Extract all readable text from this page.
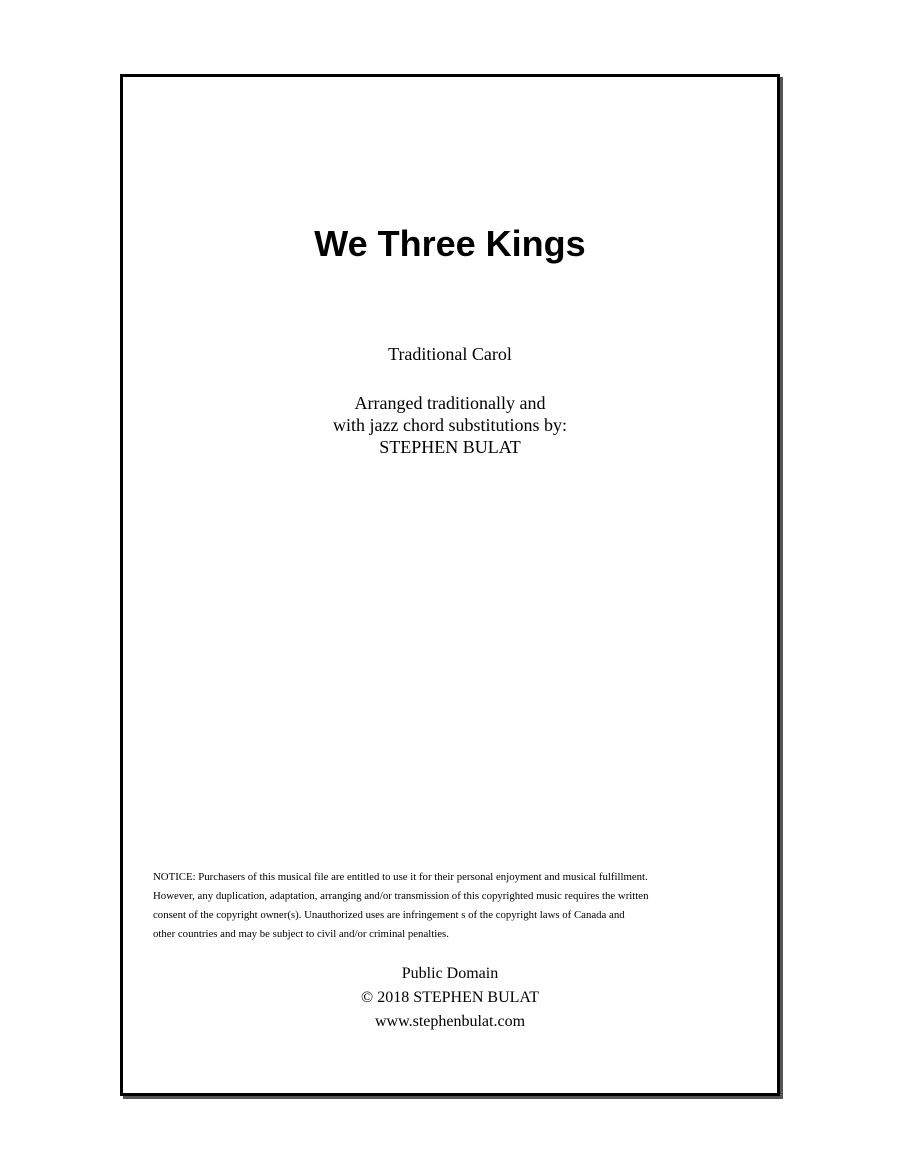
We Three Kings
Traditional Carol
Arranged traditionally and
with jazz chord substitutions by:
STEPHEN BULAT
NOTICE: Purchasers of this musical file are entitled to use it for their personal enjoyment and musical fulfillment.
However, any duplication, adaptation, arranging and/or transmission of this copyrighted music requires the written
consent of the copyright owner(s). Unauthorized uses are infringement s of the copyright laws of Canada and
other countries and may be subject to civil and/or criminal penalties.
Public Domain
© 2018 STEPHEN BULAT
www.stephenbulat.com
